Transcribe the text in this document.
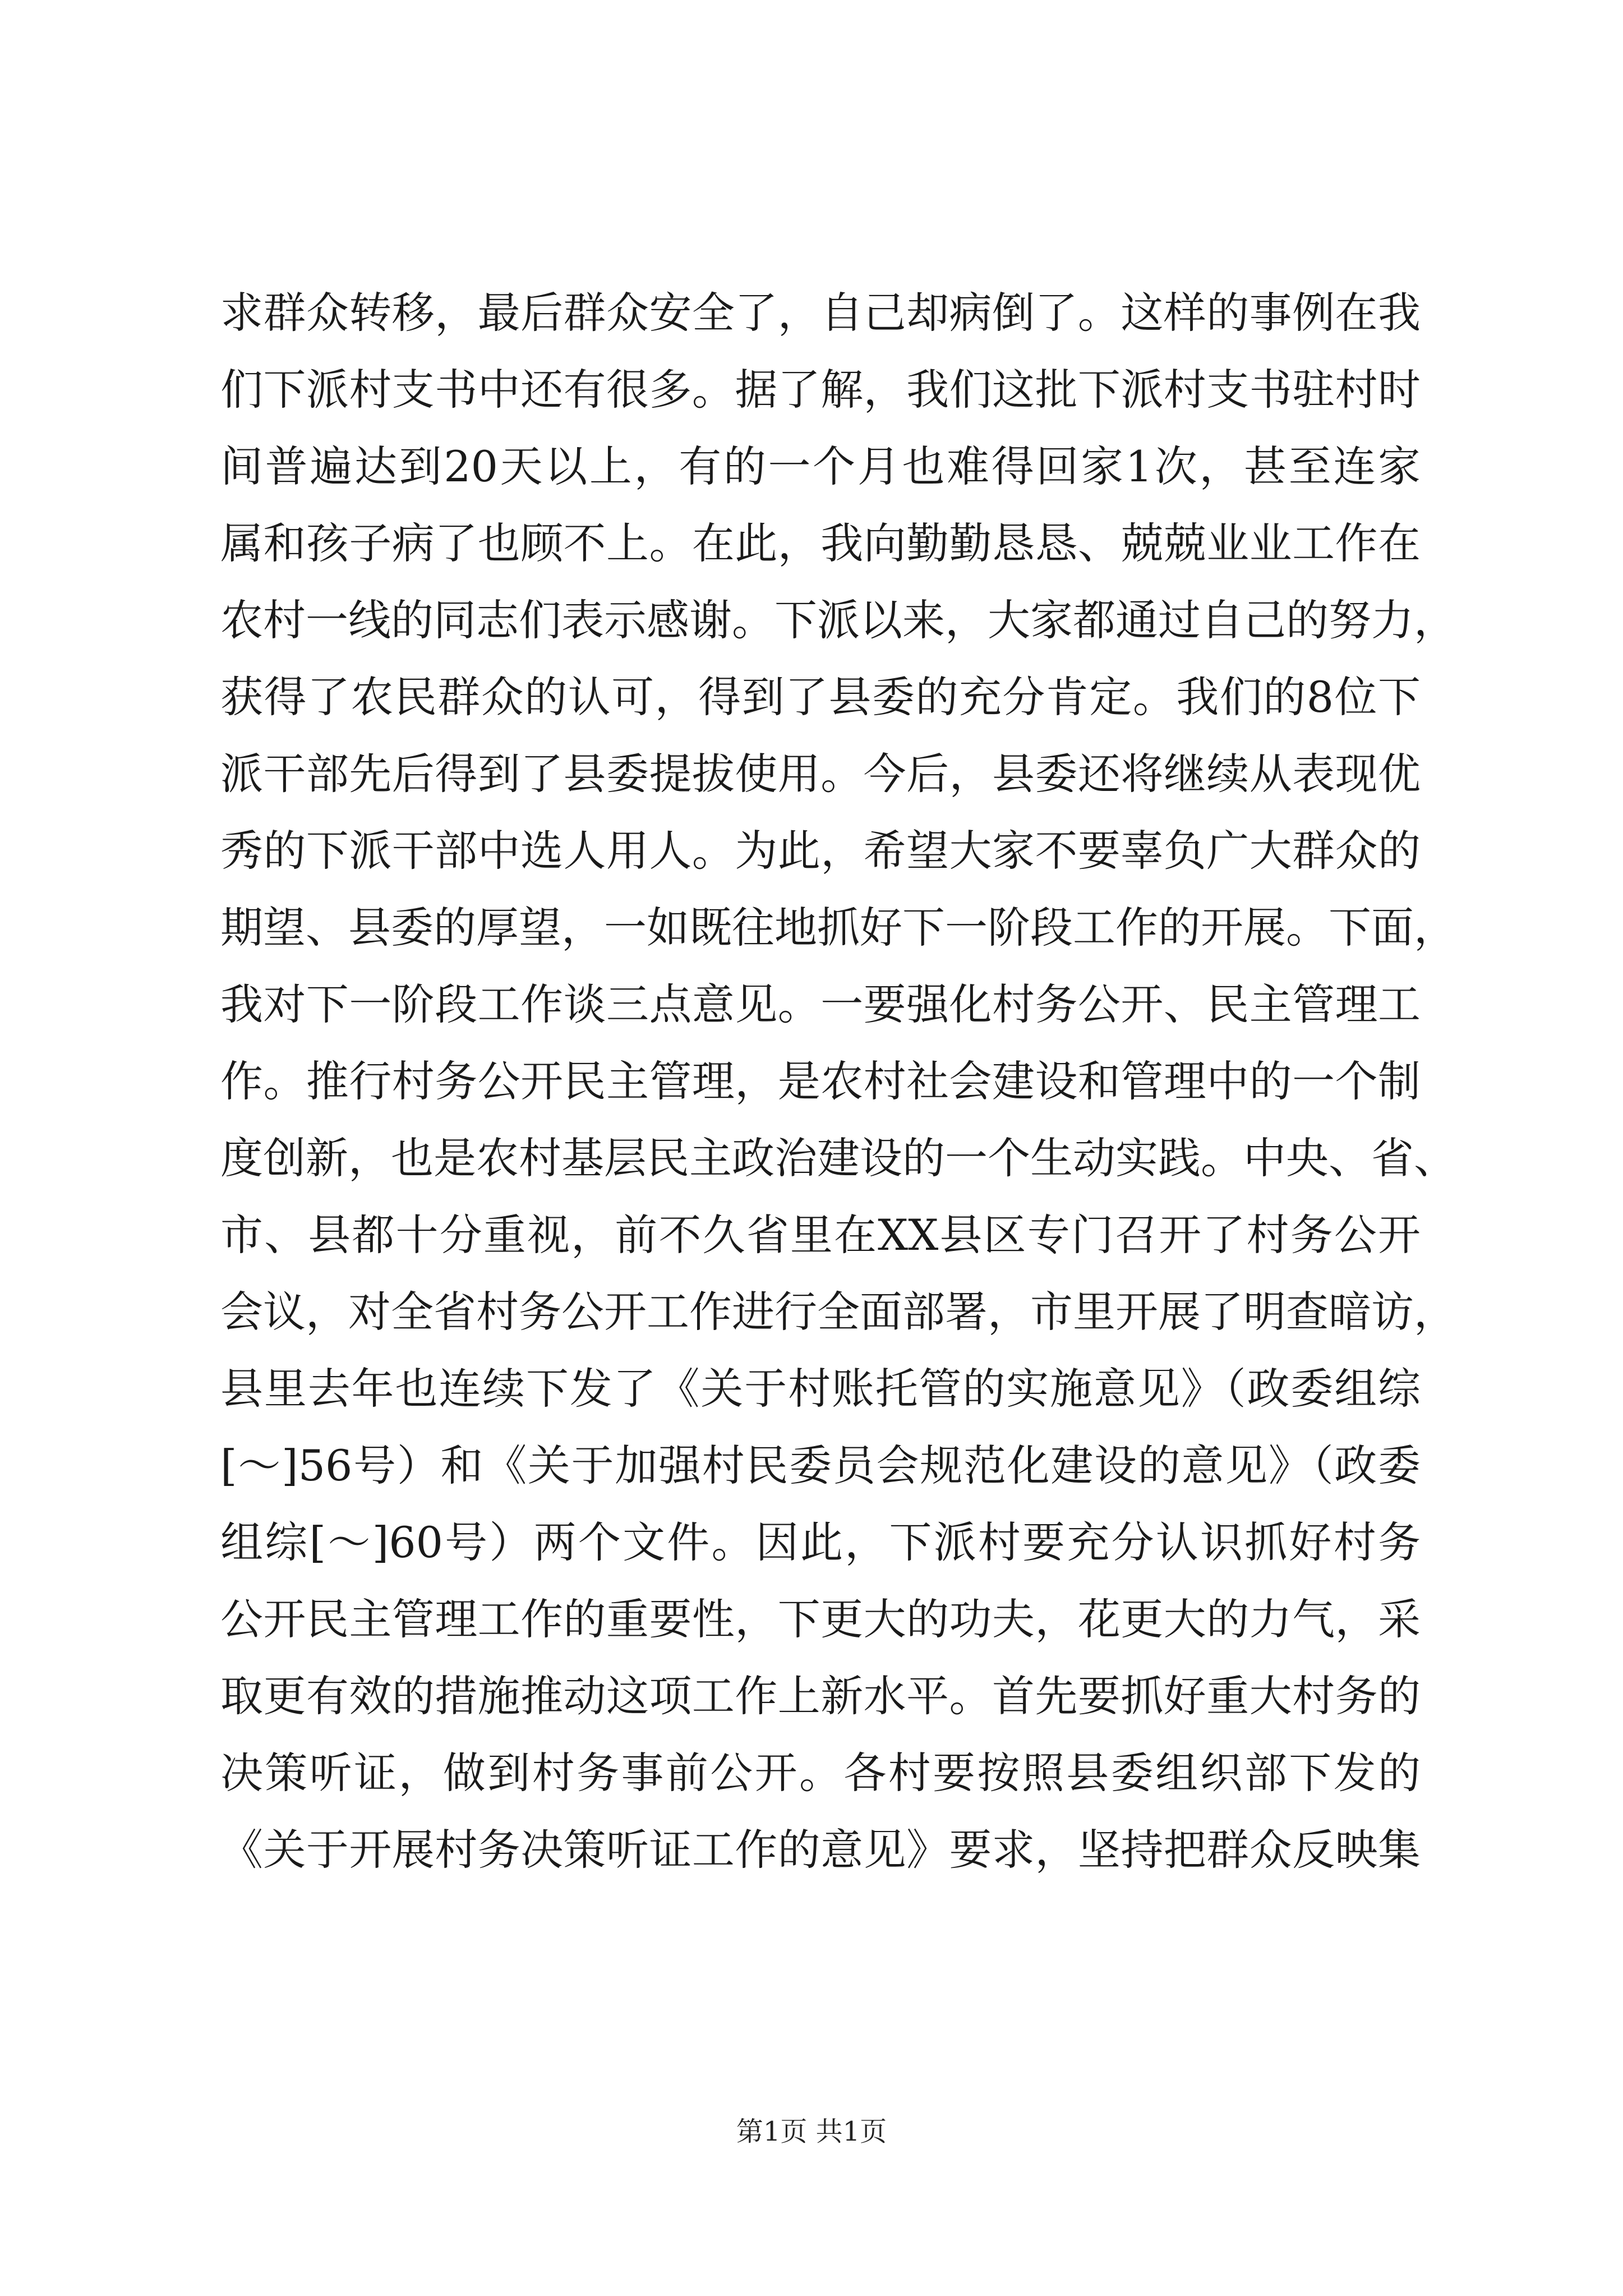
求群众转移，最后群众安全了，自己却病倒了。这样的事例在我
们下派村支书中还有很多。据了解，我们这批下派村支书驻村时
间普遍达到20天以上，有的一个月也难得回家1次，甚至连家
属和孩子病了也顾不上。在此，我向勤勤恳恳、兢兢业业工作在
农村一线的同志们表示感谢。下派以来，大家都通过自己的努力，
获得了农民群众的认可，得到了县委的充分肯定。我们的8位下
派干部先后得到了县委提拔使用。今后，县委还将继续从表现优
秀的下派干部中选人用人。为此，希望大家不要辜负广大群众的
期望、县委的厚望，一如既往地抓好下一阶段工作的开展。下面，
我对下一阶段工作谈三点意见。一要强化村务公开、民主管理工
作。推行村务公开民主管理，是农村社会建设和管理中的一个制
度创新，也是农村基层民主政治建设的一个生动实践。中央、省、
市、县都十分重视，前不久省里在XX县区专门召开了村务公开
会议，对全省村务公开工作进行全面部署，市里开展了明查暗访，
县里去年也连续下发了《关于村账托管的实施意见》（政委组综
[～]56号）和《关于加强村民委员会规范化建设的意见》（政委
组综[～]60号）两个文件。因此，下派村要充分认识抓好村务
公开民主管理工作的重要性，下更大的功夫，花更大的力气，采
取更有效的措施推动这项工作上新水平。首先要抓好重大村务的
决策听证，做到村务事前公开。各村要按照县委组织部下发的
《关于开展村务决策听证工作的意见》要求，坚持把群众反映集
第1页 共1页
